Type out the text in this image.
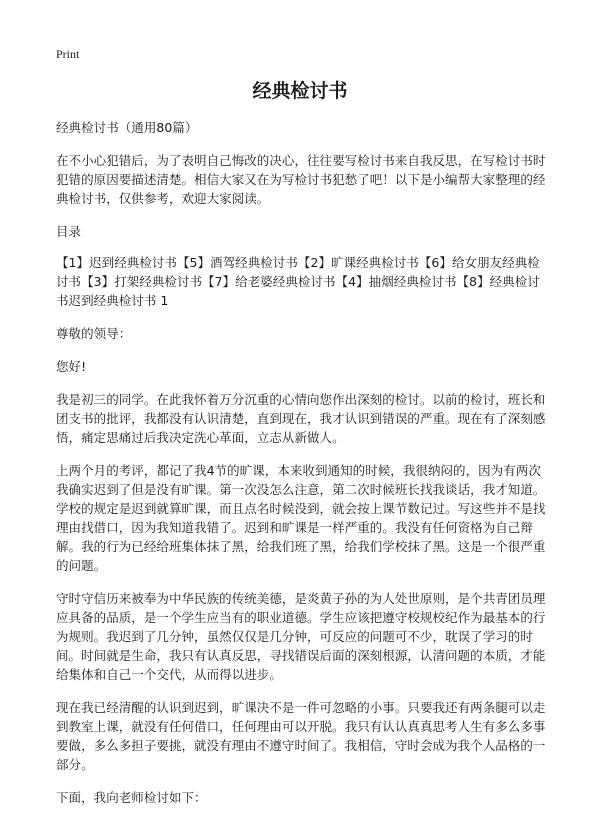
Print
经典检讨书

经典检讨书（通用80篇）

在不小心犯错后，为了表明自己悔改的决心，往往要写检讨书来自我反思，在写检讨书时犯错的原因要描述清楚。相信大家又在为写检讨书犯愁了吧！以下是小编帮大家整理的经典检讨书，仅供参考，欢迎大家阅读。

目录

【1】迟到经典检讨书【5】酒驾经典检讨书【2】旷课经典检讨书【6】给女朋友经典检讨书【3】打架经典检讨书【7】给老婆经典检讨书【4】抽烟经典检讨书【8】经典检讨书迟到经典检讨书 1

尊敬的领导：

您好!

我是初三的同学。在此我怀着万分沉重的心情向您作出深刻的检讨。以前的检讨，班长和团支书的批评，我都没有认识清楚，直到现在，我才认识到错误的严重。现在有了深刻感悟，痛定思痛过后我决定洗心革面，立志从新做人。

上两个月的考评，都记了我4节的旷课，本来收到通知的时候，我很纳闷的，因为有两次我确实迟到了但是没有旷课。第一次没怎么注意，第二次时候班长找我谈话，我才知道。学校的规定是迟到就算旷课，而且点名时候没到，就会按上课节数记过。写这些并不是找理由找借口，因为我知道我错了。迟到和旷课是一样严重的。我没有任何资格为自己辩解。我的行为已经给班集体抹了黑，给我们班了黑，给我们学校抹了黑。这是一个很严重的问题。

守时守信历来被奉为中华民族的传统美德，是炎黄子孙的为人处世原则，是个共青团员理应具备的品质，是一个学生应当有的职业道德。学生应该把遵守校规校纪作为最基本的行为规则。我迟到了几分钟，虽然仅仅是几分钟，可反应的问题可不少，耽误了学习的时间。时间就是生命，我只有认真反思，寻找错误后面的深刻根源，认清问题的本质，才能给集体和自己一个交代，从而得以进步。

现在我已经清醒的认识到迟到，旷课决不是一件可忽略的小事。只要我还有两条腿可以走到教室上课，就没有任何借口，任何理由可以开脱。我只有认认真真思考人生有多么多事要做，多么多担子要挑，就没有理由不遵守时间了。我相信，守时会成为我个人品格的一部分。

下面，我向老师检讨如下：
